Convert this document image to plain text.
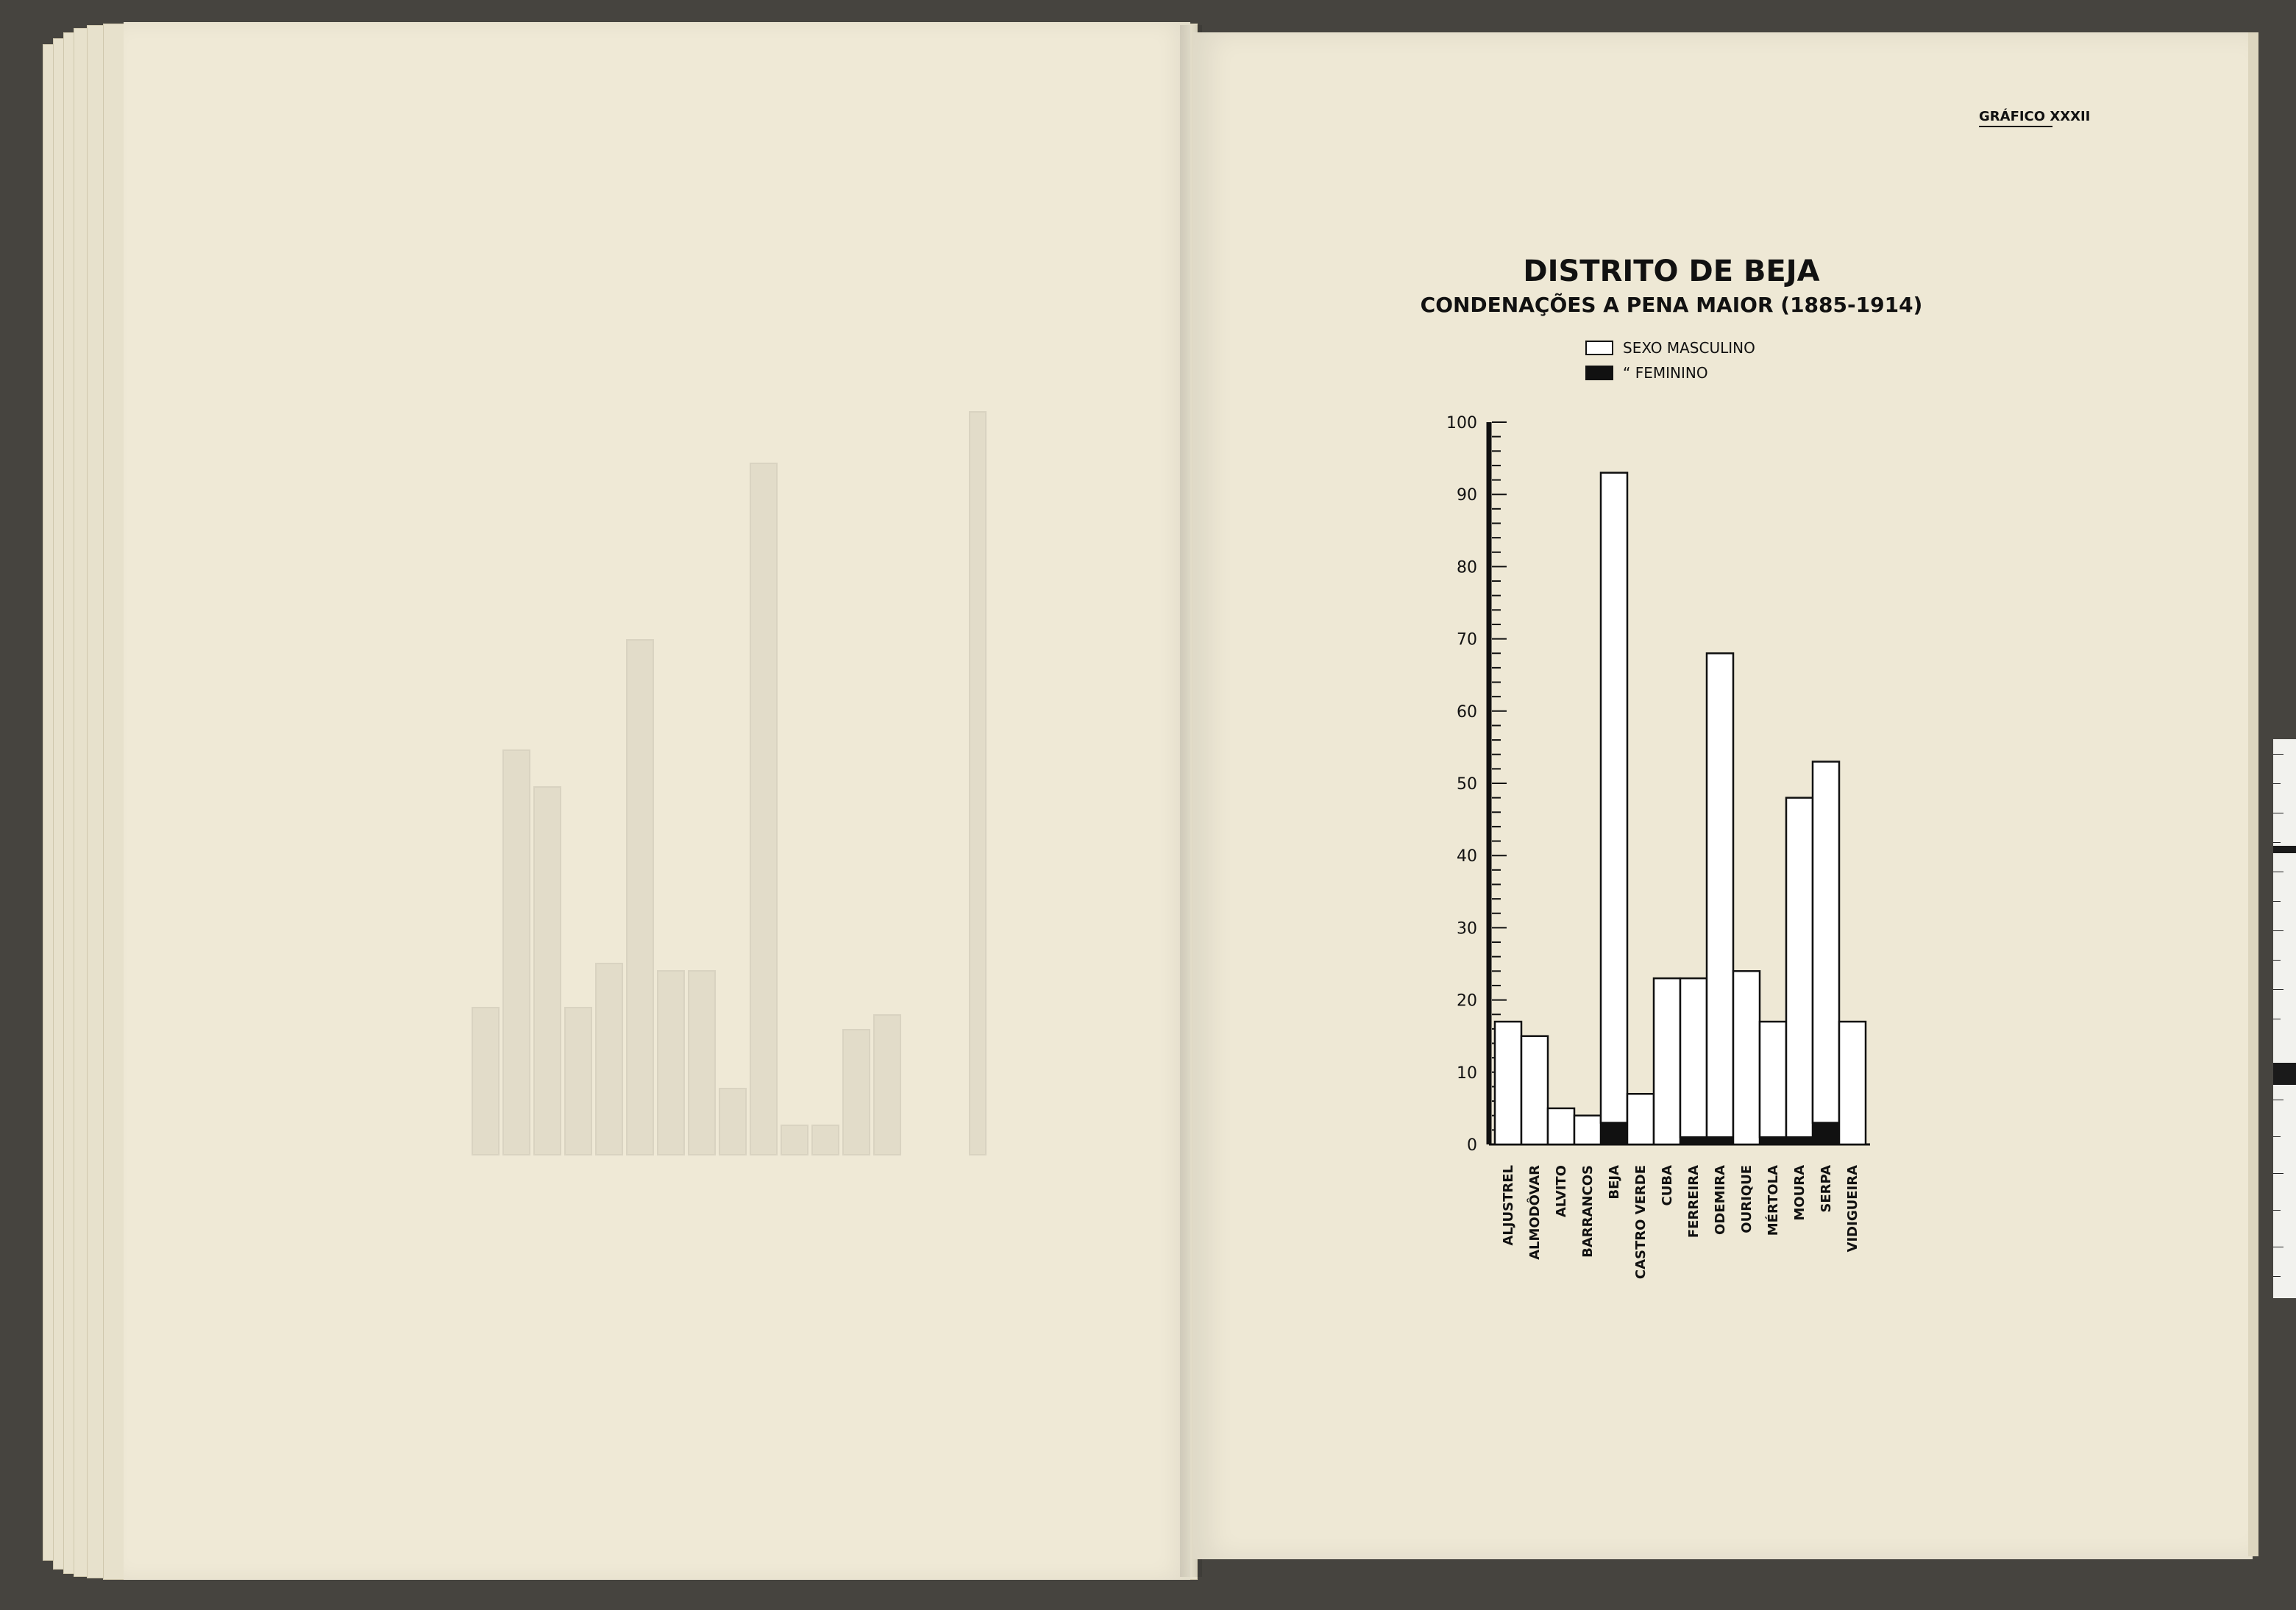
GRÁFICO XXXII
DISTRITO DE BEJA
CONDENAÇÕES A PENA MAIOR (1885-1914)
SEXO MASCULINO
“ FEMININO
0
10
20
30
40
50
60
70
80
90
100
ALJUSTREL ALMODÔVAR ALVITO BARRANCOS BEJA CASTRO VERDE CUBA FERREIRA ODEMIRA OURIQUE MÉRTOLA MOURA SERPA VIDIGUEIRA
